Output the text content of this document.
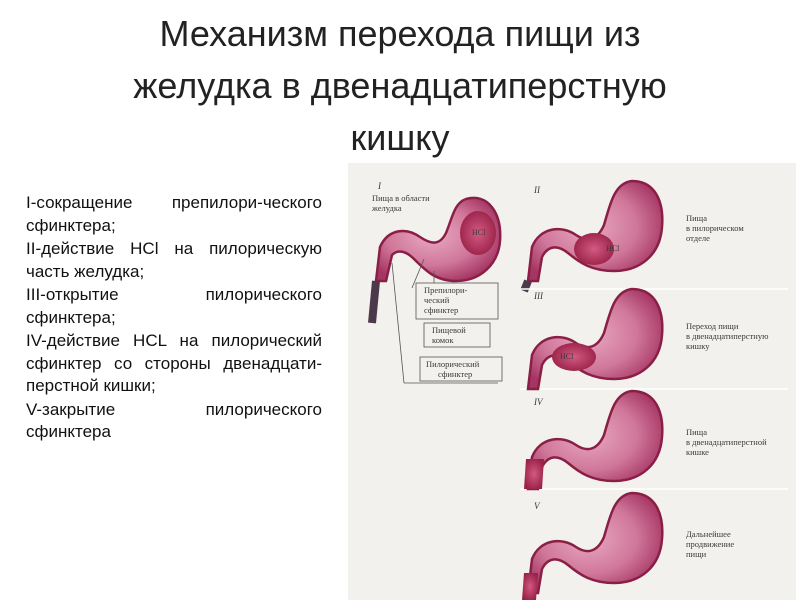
Механизм перехода пищи из
желудка в двенадцатиперстную
кишку

I-сокращение препилори-ческого сфинктера;

II-действие HCl на пилорическую часть желудка;

III-открытие пилорического сфинктера;

IV-действие HCL на пилорический сфинктер со стороны двенадцати-перстной кишки;

V-закрытие пилорического сфинктера

I
Пища в области
желудка
HCl
Препилори-
ческий
сфинктер
Пищевой
комок
Пилорический
сфинктер
II
HCl
Пища
в пилорическом
отделе
III
HCl
Переход пищи
в двенадцатиперстную
кишку
IV
Пища
в двенадцатиперстной
кишке
V
Дальнейшее
продвижение
пищи
